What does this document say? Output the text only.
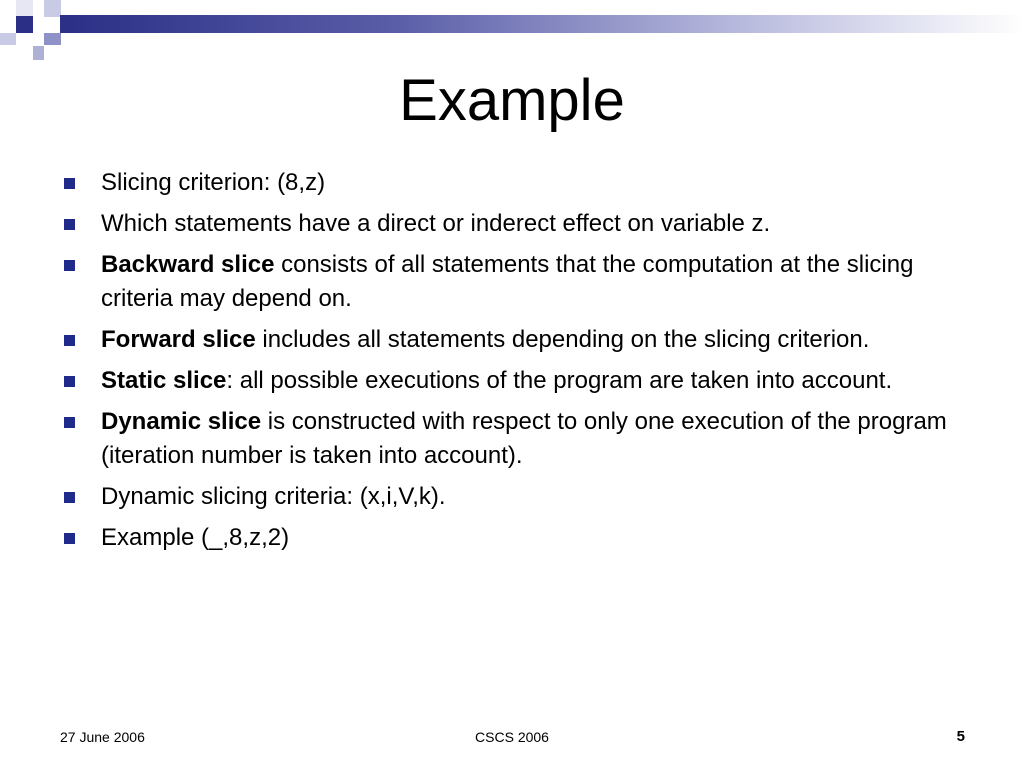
Example
Slicing criterion: (8,z)
Which statements have a direct or inderect effect on variable z.
Backward slice consists of all statements that the computation at the slicing criteria may depend on.
Forward slice includes all statements depending on the slicing criterion.
Static slice: all possible executions of the program are taken into account.
Dynamic slice is constructed with respect to only one execution of the program (iteration number is taken into account).
Dynamic slicing criteria: (x,i,V,k).
Example (_,8,z,2)
27 June 2006	CSCS 2006	5
